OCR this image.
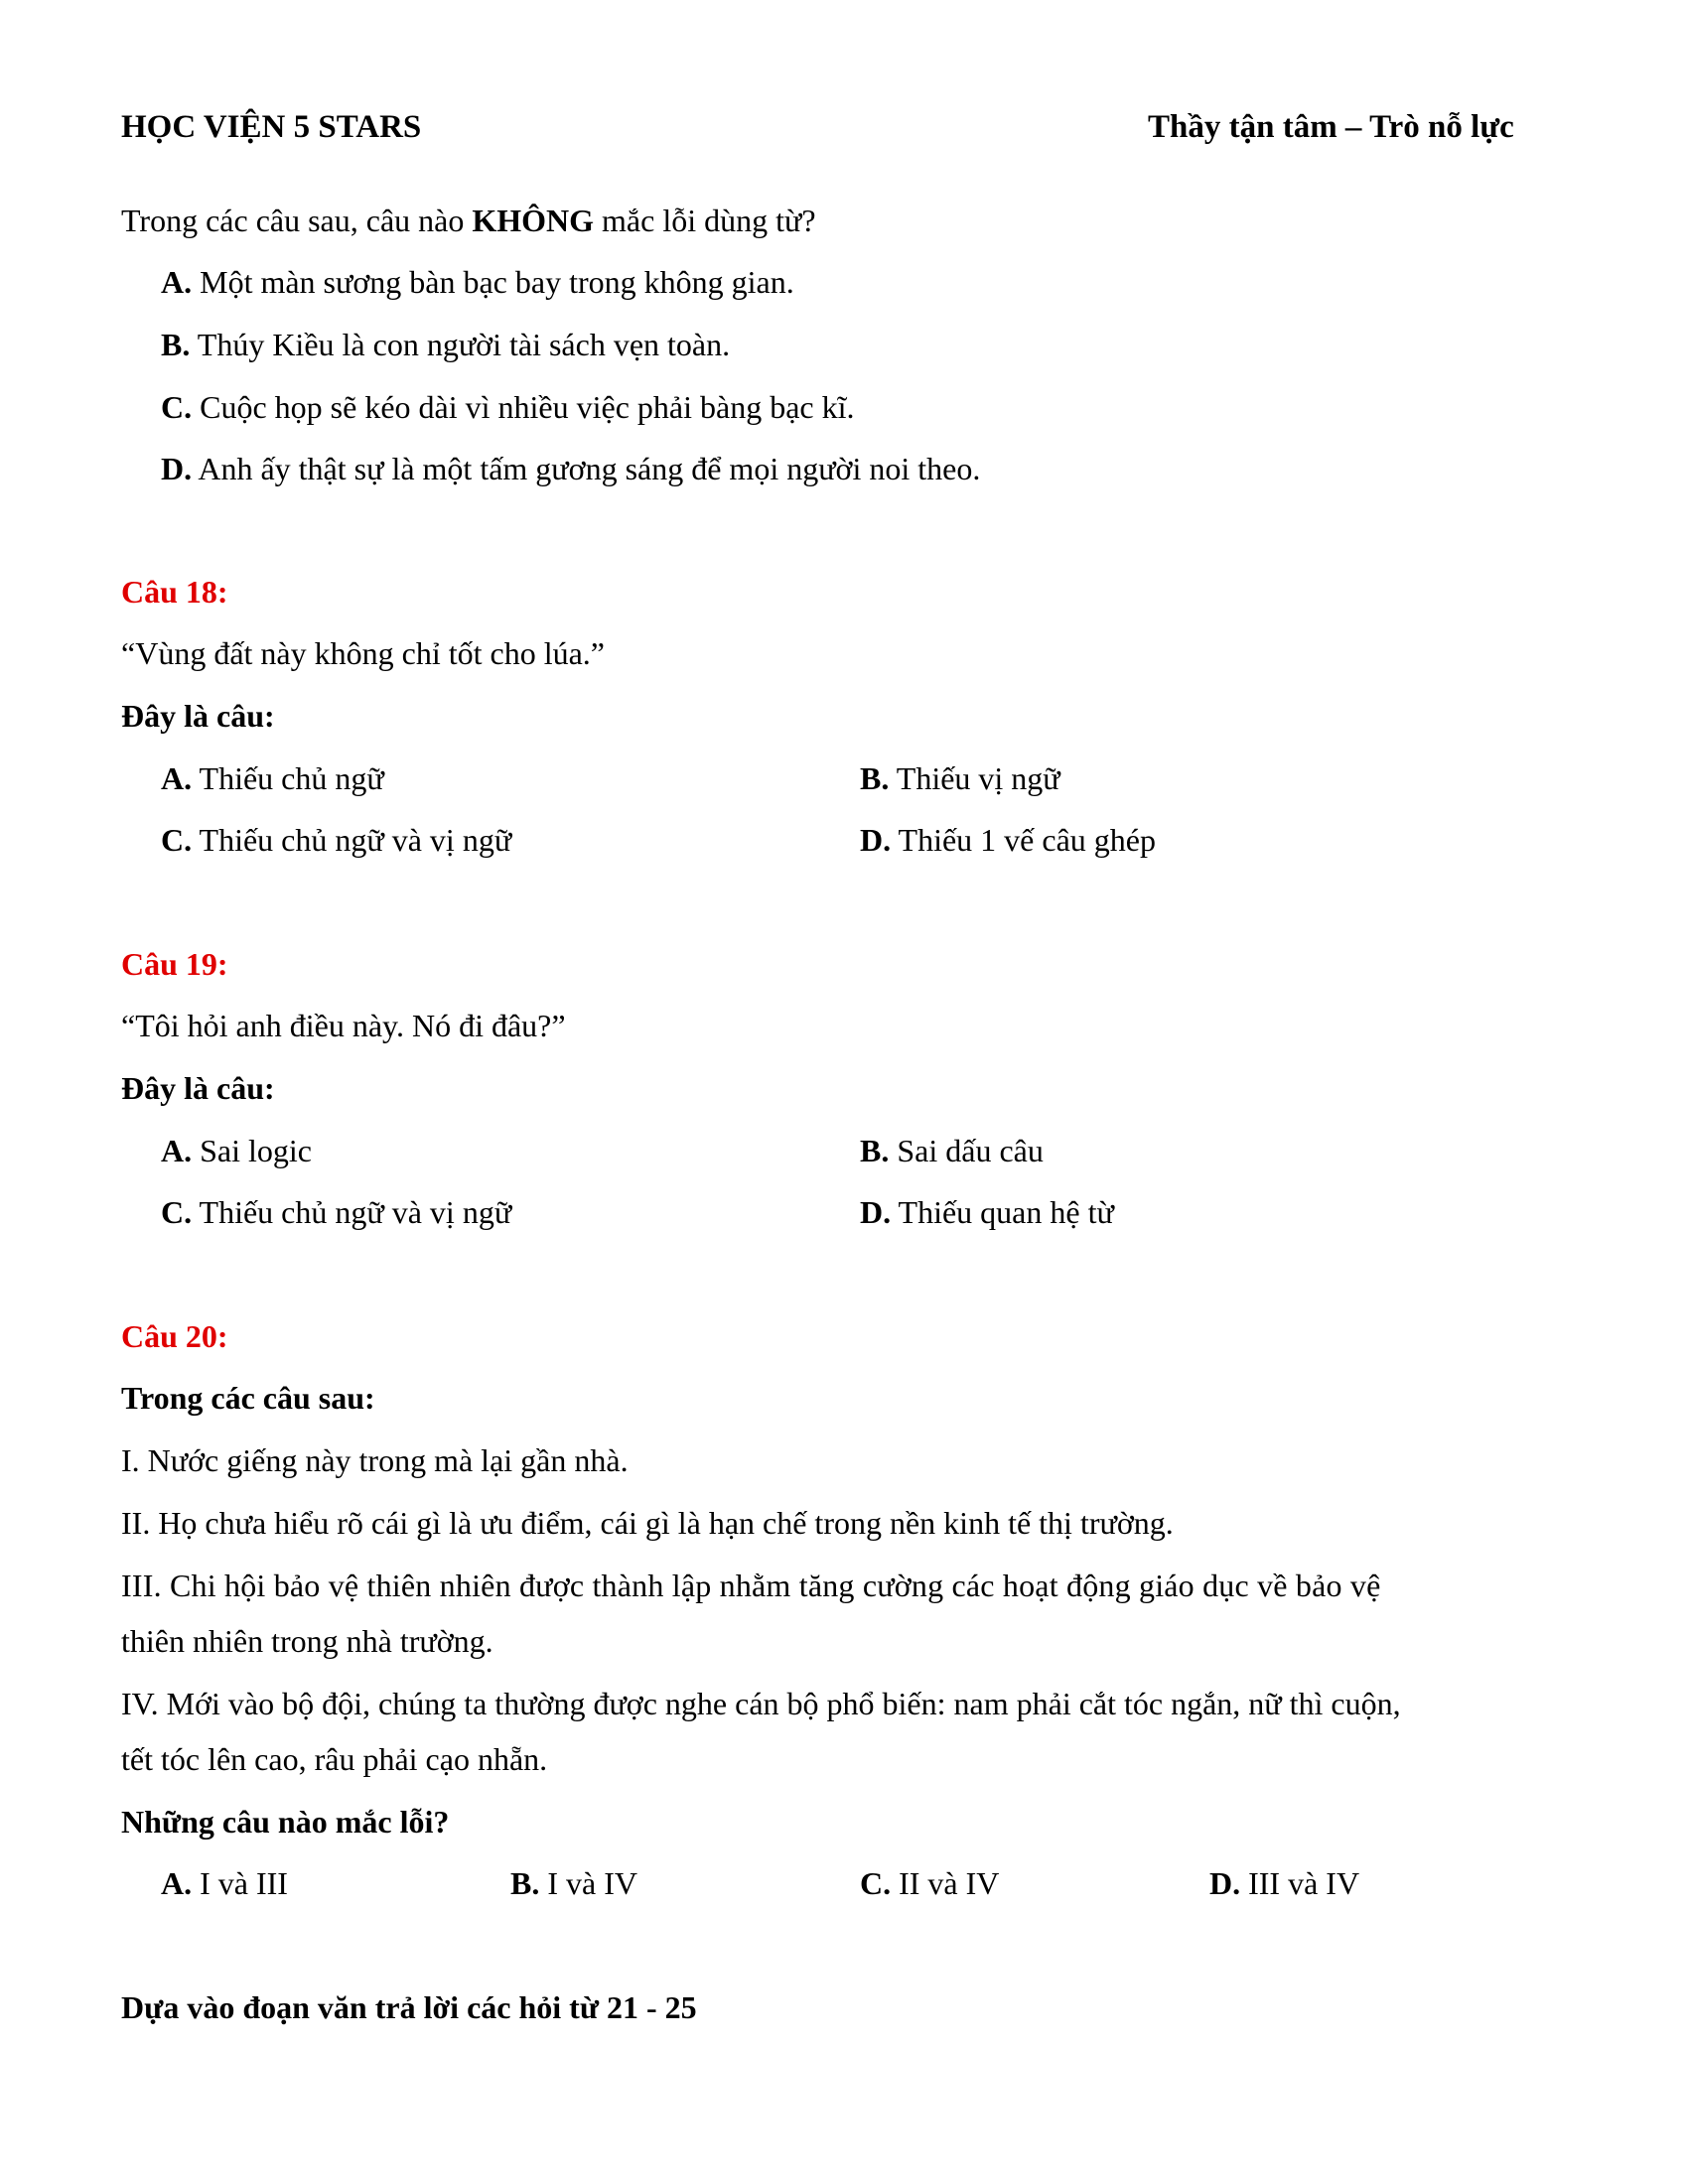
HỌC VIỆN 5 STARS	Thầy tận tâm – Trò nỗ lực
Trong các câu sau, câu nào KHÔNG mắc lỗi dùng từ?
A. Một màn sương bàn bạc bay trong không gian.
B. Thúy Kiều là con người tài sách vẹn toàn.
C. Cuộc họp sẽ kéo dài vì nhiều việc phải bàng bạc kĩ.
D. Anh ấy thật sự là một tấm gương sáng để mọi người noi theo.
Câu 18:
“Vùng đất này không chỉ tốt cho lúa.”
Đây là câu:
A. Thiếu chủ ngữ	B. Thiếu vị ngữ
C. Thiếu chủ ngữ và vị ngữ	D. Thiếu 1 vế câu ghép
Câu 19:
“Tôi hỏi anh điều này. Nó đi đâu?”
Đây là câu:
A. Sai logic	B. Sai dấu câu
C. Thiếu chủ ngữ và vị ngữ	D. Thiếu quan hệ từ
Câu 20:
Trong các câu sau:
I. Nước giếng này trong mà lại gần nhà.
II. Họ chưa hiểu rõ cái gì là ưu điểm, cái gì là hạn chế trong nền kinh tế thị trường.
III. Chi hội bảo vệ thiên nhiên được thành lập nhằm tăng cường các hoạt động giáo dục về bảo vệ
thiên nhiên trong nhà trường.
IV. Mới vào bộ đội, chúng ta thường được nghe cán bộ phổ biến: nam phải cắt tóc ngắn, nữ thì cuộn,
tết tóc lên cao, râu phải cạo nhẵn.
Những câu nào mắc lỗi?
A. I và III	B. I và IV	C. II và IV	D. III và IV
Dựa vào đoạn văn trả lời các hỏi từ 21 - 25
